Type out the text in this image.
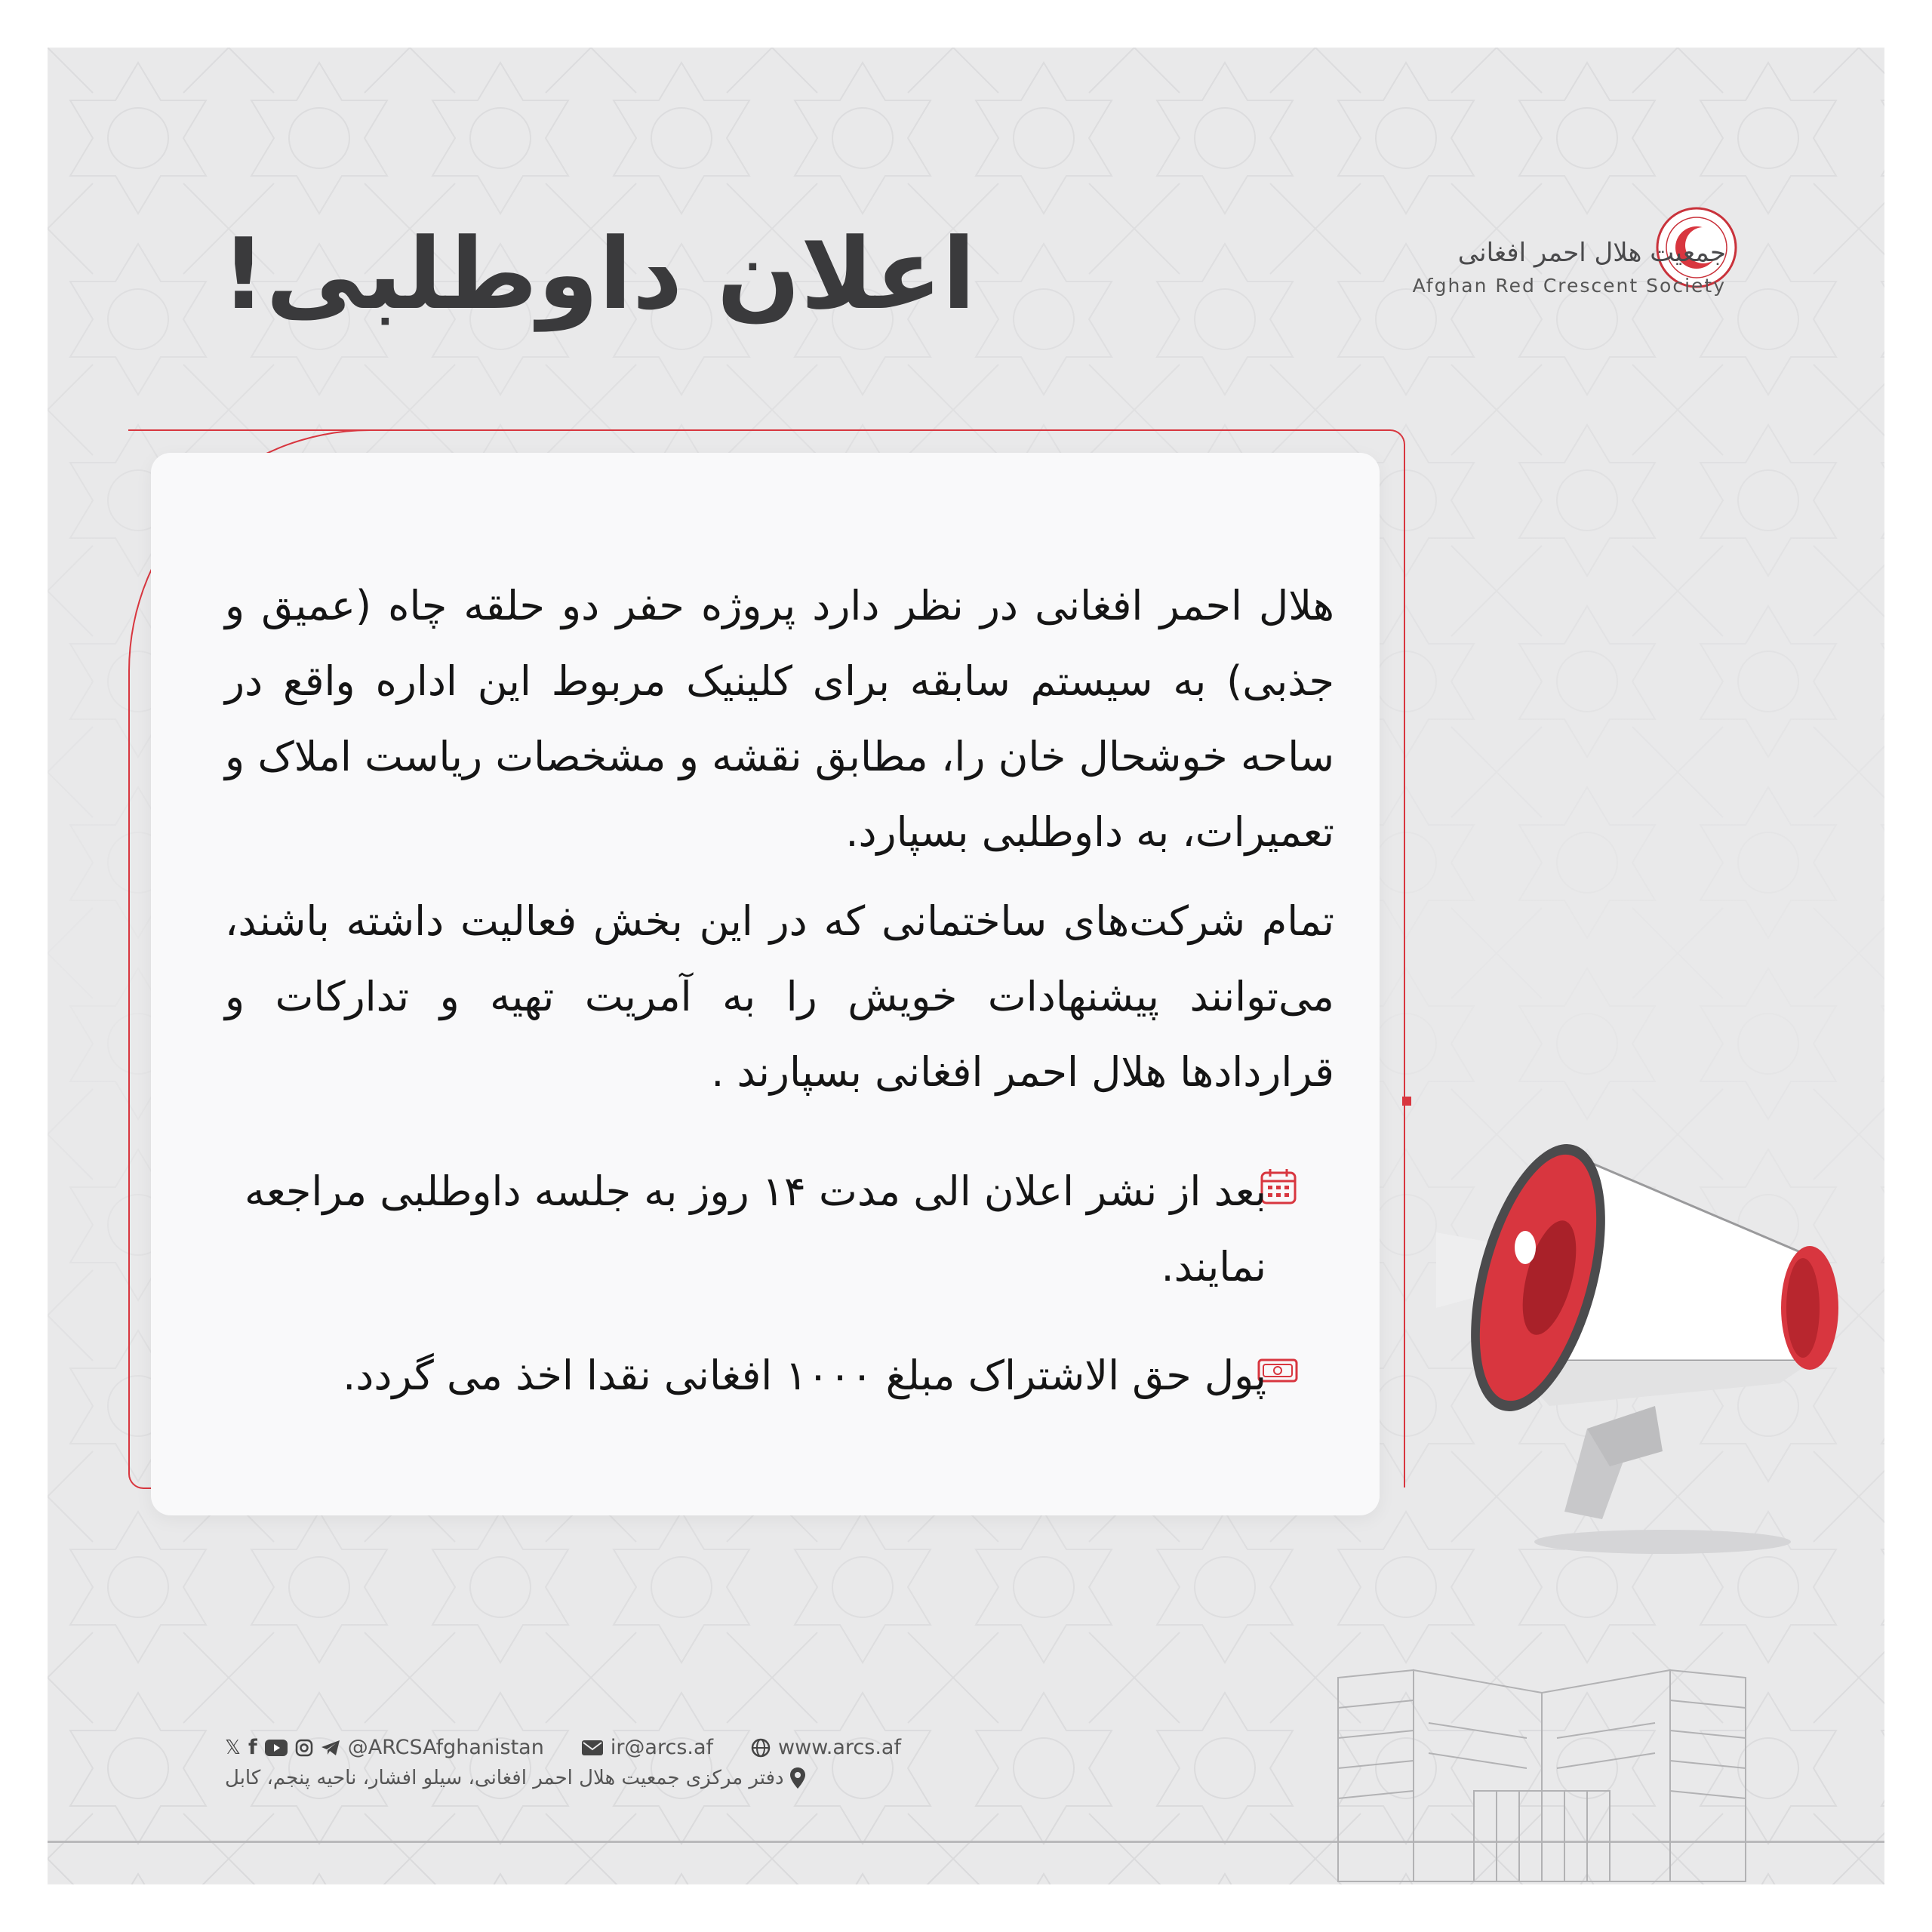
جمعیت هلال احمر افغانی
Afghan Red Crescent Society
اعلان داوطلبی!

هلال احمر افغانی در نظر دارد پروژه حفر دو حلقه چاه (عمیق و جذبی) به سیستم سابقه برای کلینیک مربوط این اداره واقع در ساحه خوشحال خان را، مطابق نقشه و مشخصات ریاست املاک و تعمیرات، به داوطلبی بسپارد.

تمام شرکت‌های ساختمانی که در این بخش فعالیت داشته باشند، می‌توانند پیشنهادات خویش را به آمریت تهیه و تدارکات و قراردادها هلال احمر افغانی بسپارند .

بعد از نشر اعلان الی مدت ۱۴ روز به جلسه داوطلبی مراجعه نمایند.
پول حق الاشتراک مبلغ ۱۰۰۰ افغانی نقدا اخذ می گردد.
𝕏 f	@ARCSAfghanistan	ir@arcs.af	www.arcs.af
دفتر مرکزی جمعیت هلال احمر افغانی، سیلو افشار، ناحیه پنجم، کابل
